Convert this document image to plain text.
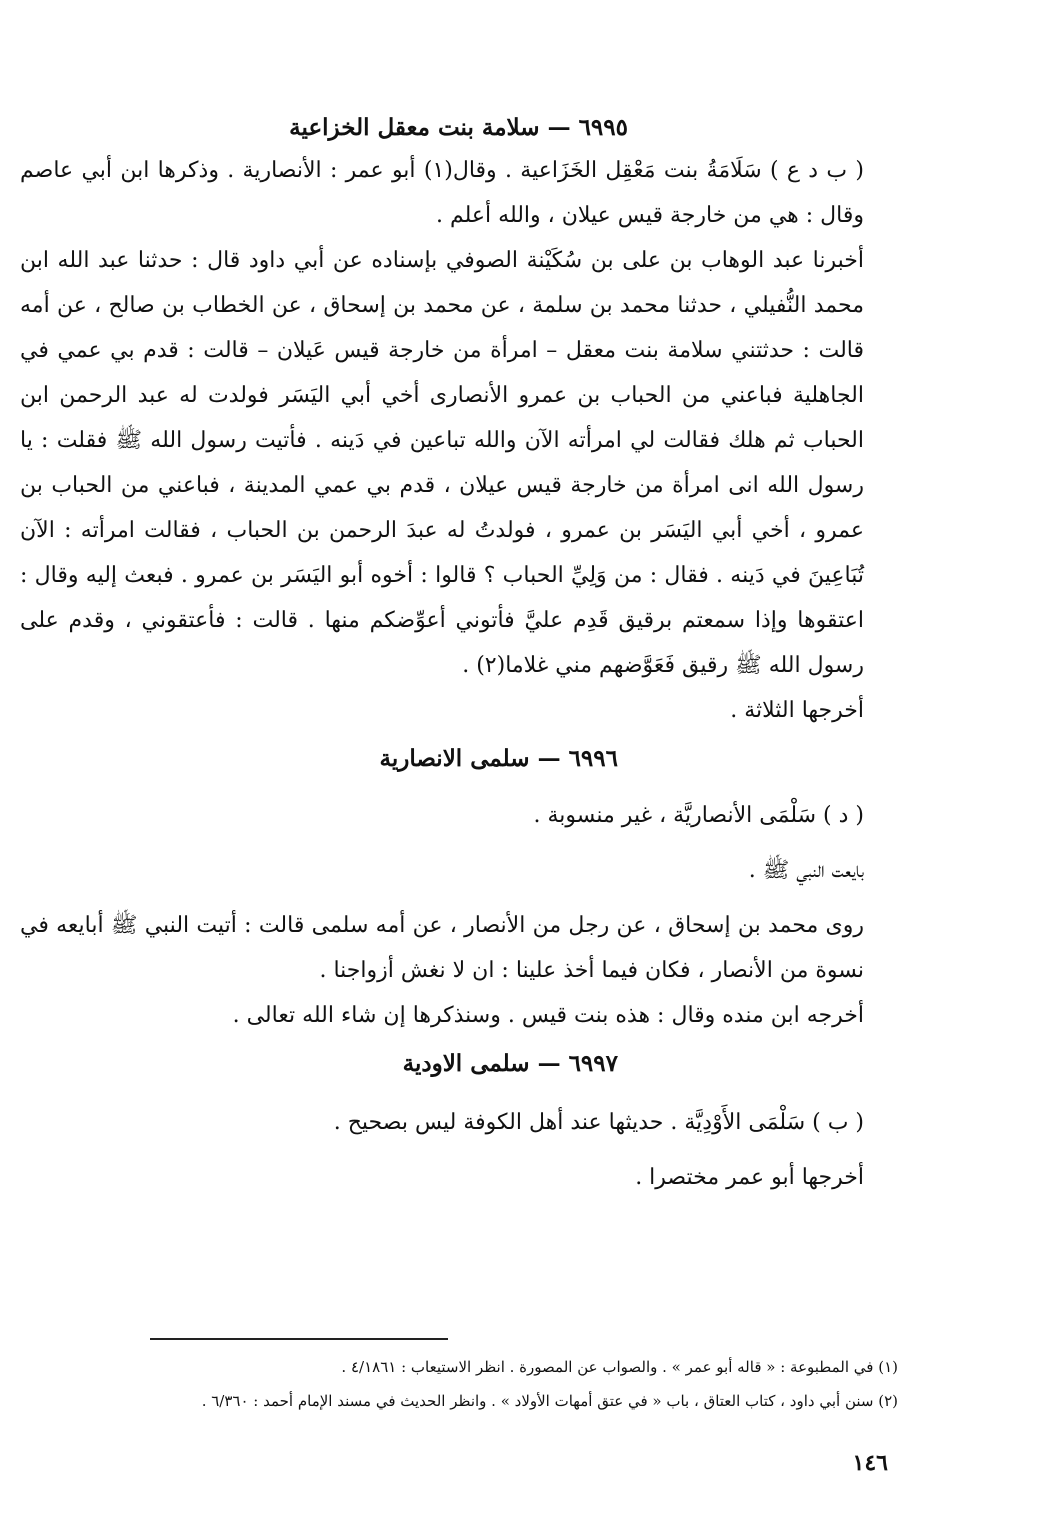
٦٩٩٥ — سلامة بنت معقل الخزاعية

( ب د ع ) سَلَامَةُ بنت مَعْقِل الخَزَاعية . وقال(١) أبو عمر : الأنصارية . وذكرها ابن أبي عاصم وقال : هي من خارجة قيس عيلان ، والله أعلم .

أخبرنا عبد الوهاب بن على بن سُكَيْنة الصوفي بإسناده عن أبي داود قال : حدثنا عبد الله ابن محمد النُّفيلي ، حدثنا محمد بن سلمة ، عن محمد بن إسحاق ، عن الخطاب بن صالح ، عن أمه قالت : حدثتني سلامة بنت معقل – امرأة من خارجة قيس عَيلان – قالت : قدم بي عمي في الجاهلية فباعني من الحباب بن عمرو الأنصارى أخي أبي اليَسَر فولدت له عبد الرحمن ابن الحباب ثم هلك فقالت لي امرأته الآن والله تباعين في دَينه . فأتيت رسول الله ﷺ فقلت : يا رسول الله انى امرأة من خارجة قيس عيلان ، قدم بي عمي المدينة ، فباعني من الحباب بن عمرو ، أخي أبي اليَسَر بن عمرو ، فولدتُ له عبدَ الرحمن بن الحباب ، فقالت امرأته : الآن تُبَاعِينَ في دَينه . فقال : من وَلِيِّ الحباب ؟ قالوا : أخوه أبو اليَسَر بن عمرو . فبعث إليه وقال : اعتقوها وإذا سمعتم برقيق قَدِم عليَّ فأتوني أعوِّضكم منها . قالت : فأعتقوني ، وقدم على رسول الله ﷺ رقيق فَعَوَّضهم مني غلاما(٢) .

أخرجها الثلاثة .

٦٩٩٦ — سلمى الانصارية

( د ) سَلْمَى الأنصاريَّة ، غير منسوبة .

بايعت النبي ﷺ .

روى محمد بن إسحاق ، عن رجل من الأنصار ، عن أمه سلمى قالت : أتيت النبي ﷺ أبايعه في نسوة من الأنصار ، فكان فيما أخذ علينا : ان لا نغش أزواجنا .

أخرجه ابن منده وقال : هذه بنت قيس . وسنذكرها إن شاء الله تعالى .

٦٩٩٧ — سلمى الاودية

( ب ) سَلْمَى الأَوْدِيَّة . حديثها عند أهل الكوفة ليس بصحيح .

أخرجها أبو عمر مختصرا .

(١) في المطبوعة : « قاله أبو عمر » . والصواب عن المصورة . انظر الاستيعاب : ٤/١٨٦١ .

(٢) سنن أبي داود ، كتاب العتاق ، باب « في عتق أمهات الأولاد » . وانظر الحديث في مسند الإمام أحمد : ٦/٣٦٠ .

١٤٦
